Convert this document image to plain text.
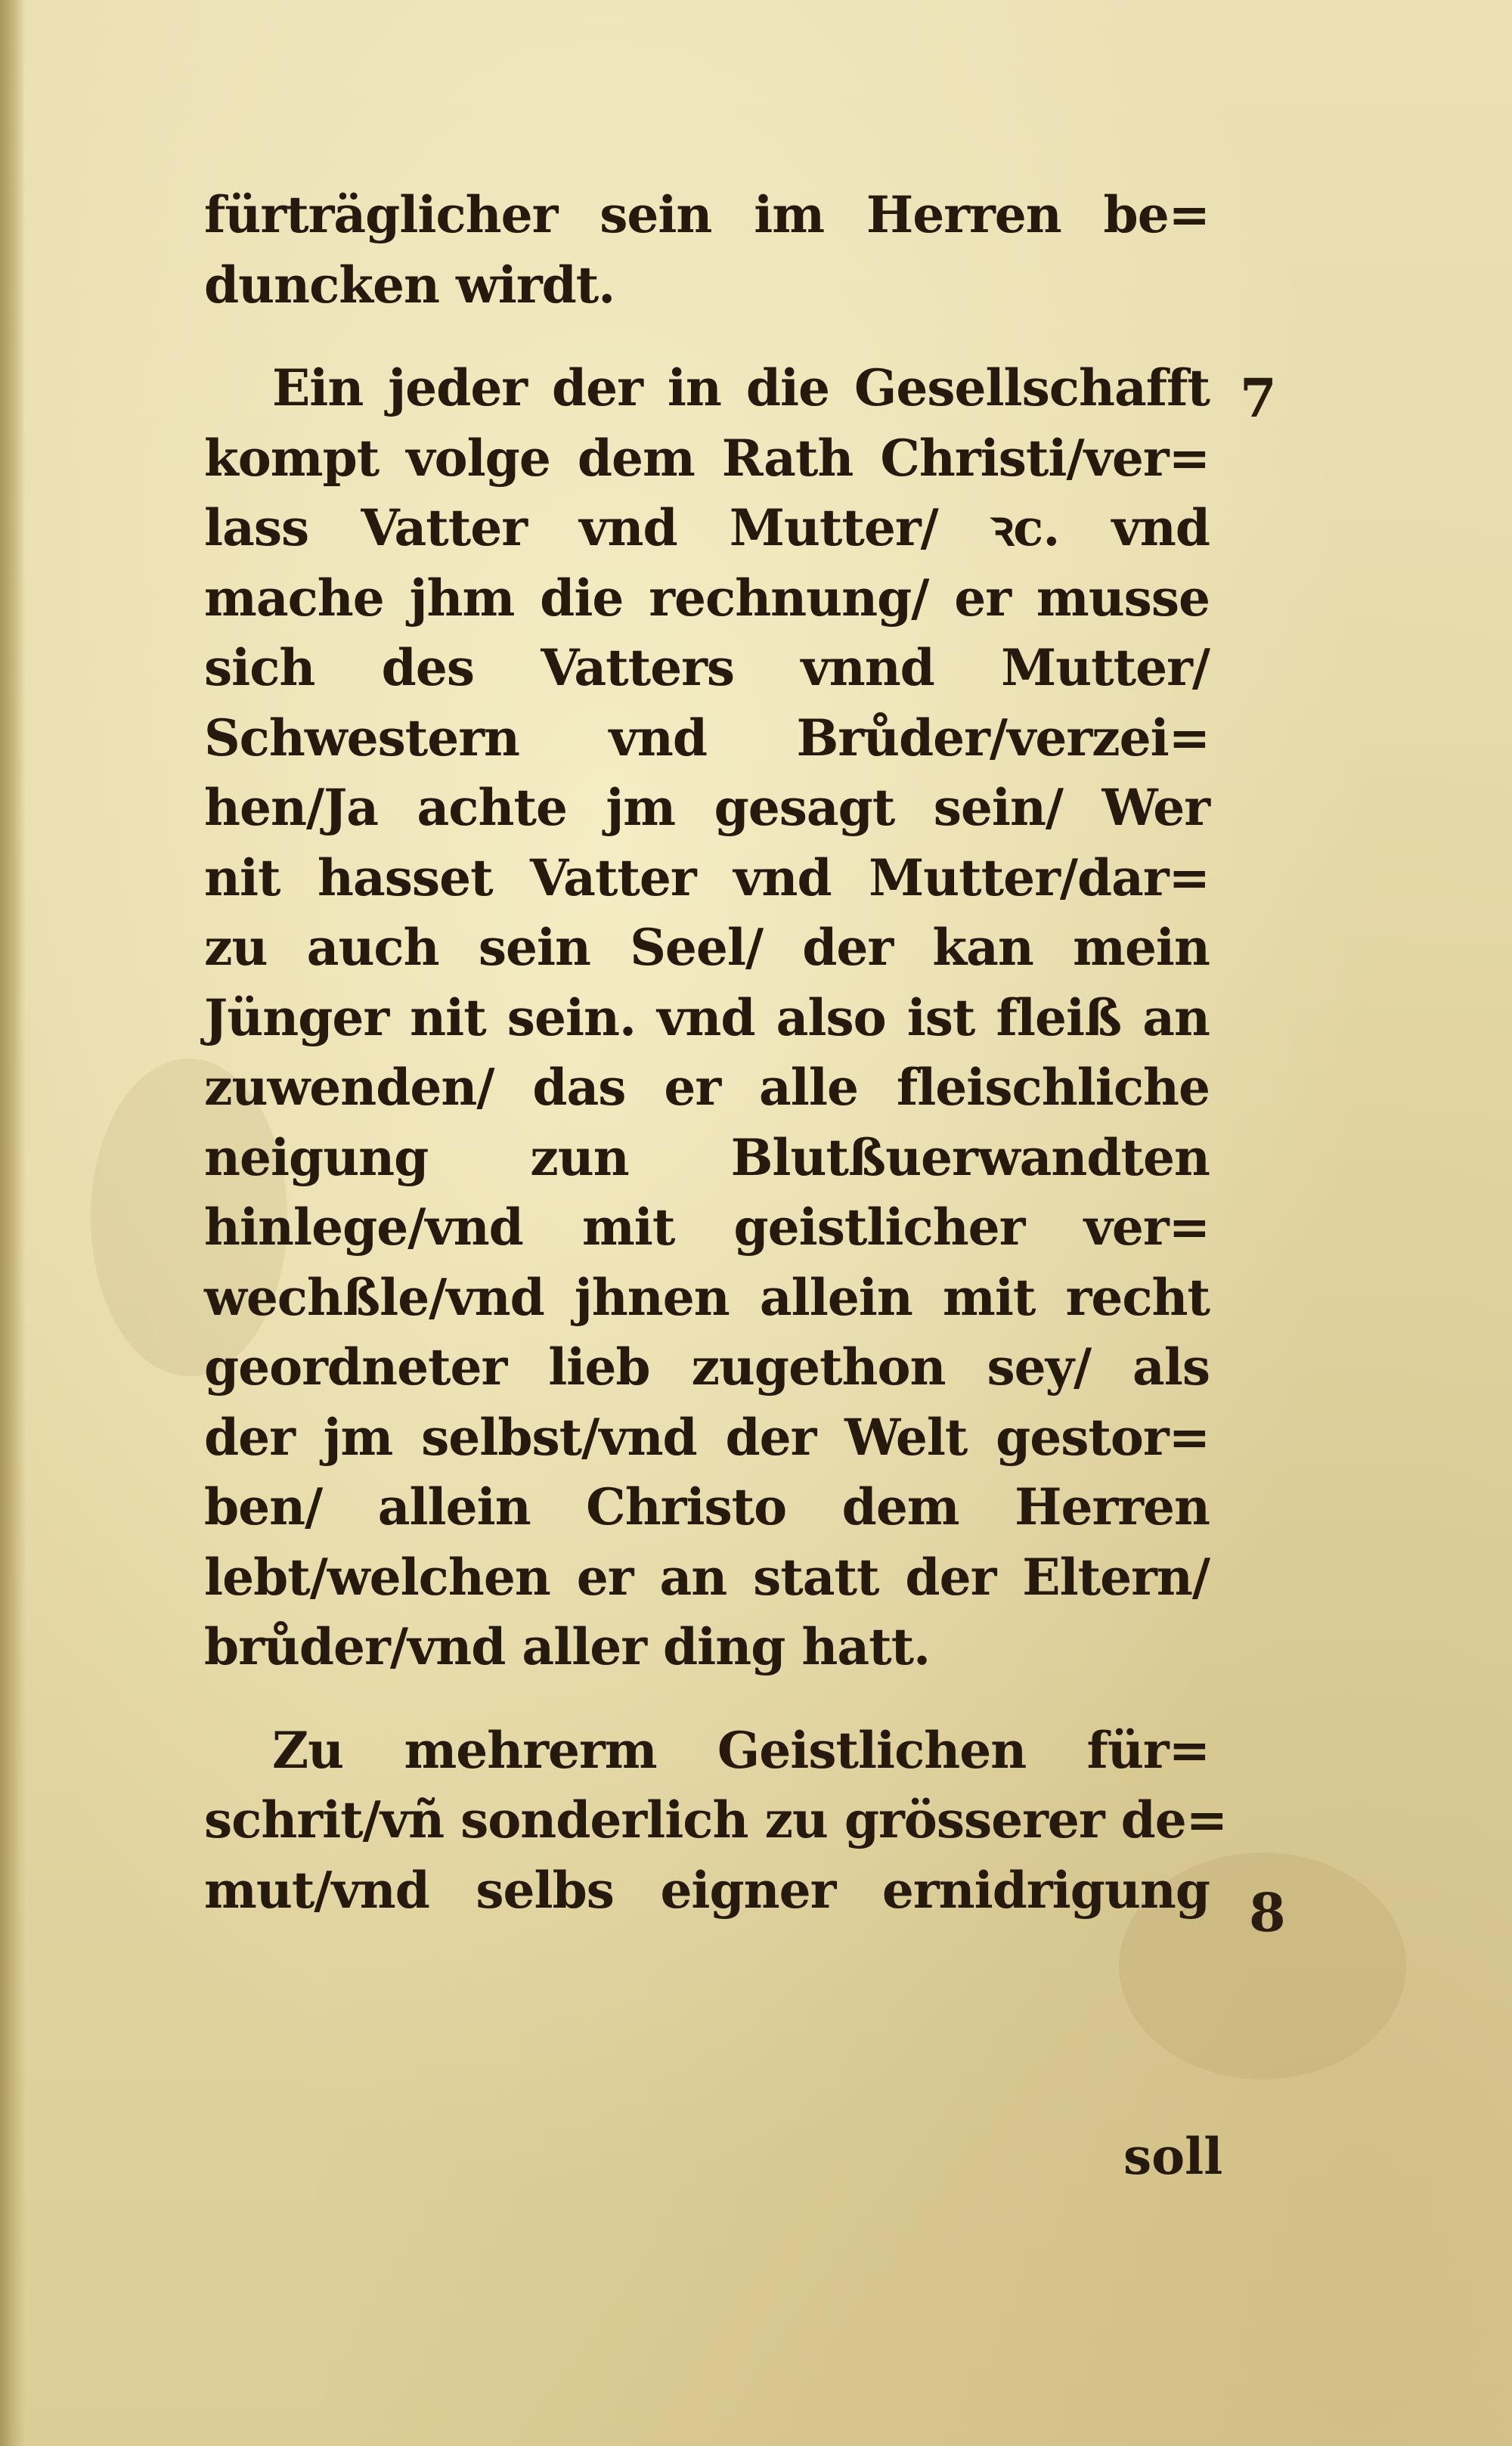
fürträglicher sein im Herren be=
duncken wirdt.
Ein jeder der in die Gesellschafft
kompt volge dem Rath Christi/ver=
lass Vatter vnd Mutter/ ꝛc. vnd
mache jhm die rechnung/ er musse
sich des Vatters vnnd Mutter/
Schwestern vnd Brůder/verzei=
hen/Ja achte jm gesagt sein/ Wer
nit hasset Vatter vnd Mutter/dar=
zu auch sein Seel/ der kan mein
Jünger nit sein. vnd also ist fleiß an
zuwenden/ das er alle fleischliche
neigung zun Blutßuerwandten
hinlege/vnd mit geistlicher ver=
wechßle/vnd jhnen allein mit recht
geordneter lieb zugethon sey/ als
der jm selbst/vnd der Welt gestor=
ben/ allein Christo dem Herren
lebt/welchen er an statt der Eltern/
brůder/vnd aller ding hatt.
Zu mehrerm Geistlichen für=
schrit/vñ sonderlich zu grösserer de=
mut/vnd selbs eigner ernidrigung
7
8
soll
